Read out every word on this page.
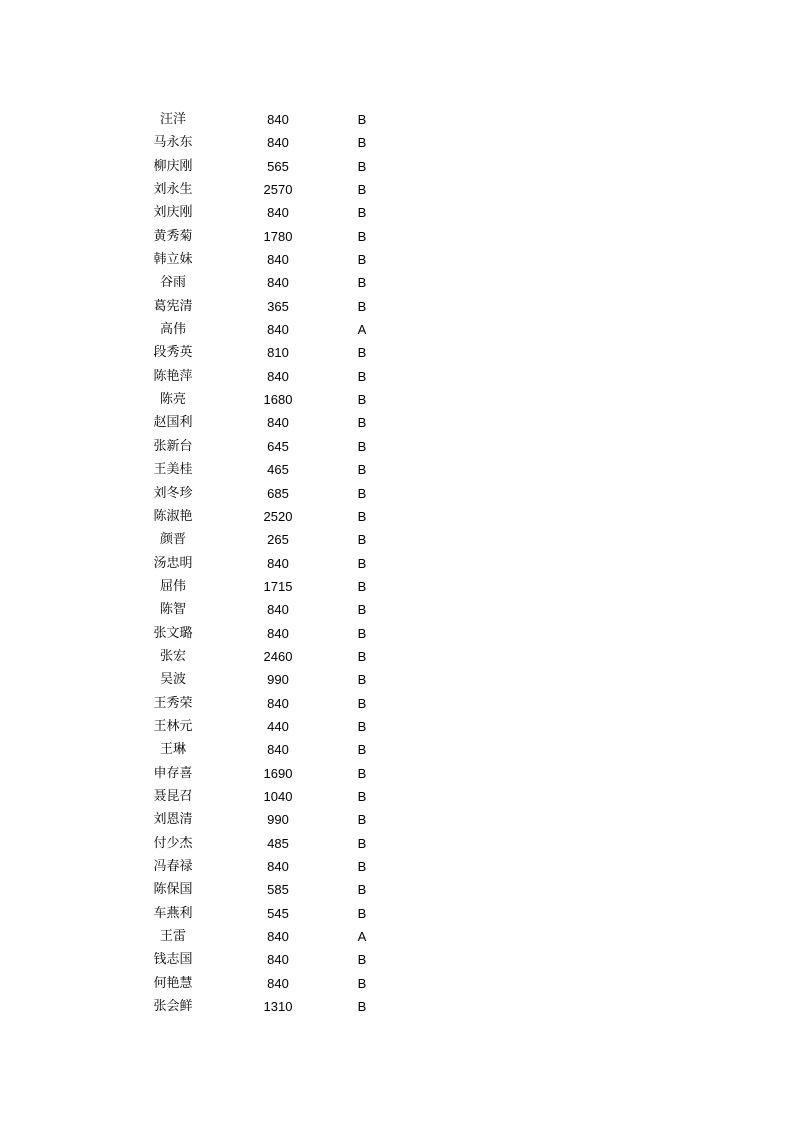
汪洋	840	B
马永东	840	B
柳庆刚	565	B
刘永生	2570	B
刘庆刚	840	B
黄秀菊	1780	B
韩立妹	840	B
谷雨	840	B
葛宪清	365	B
高伟	840	A
段秀英	810	B
陈艳萍	840	B
陈亮	1680	B
赵国利	840	B
张新台	645	B
王美桂	465	B
刘冬珍	685	B
陈淑艳	2520	B
颜晋	265	B
汤忠明	840	B
屈伟	1715	B
陈智	840	B
张文璐	840	B
张宏	2460	B
吴波	990	B
王秀荣	840	B
王林元	440	B
王琳	840	B
申存喜	1690	B
聂昆召	1040	B
刘恩清	990	B
付少杰	485	B
冯春禄	840	B
陈保国	585	B
车燕利	545	B
王雷	840	A
钱志国	840	B
何艳慧	840	B
张会鲜	1310	B
